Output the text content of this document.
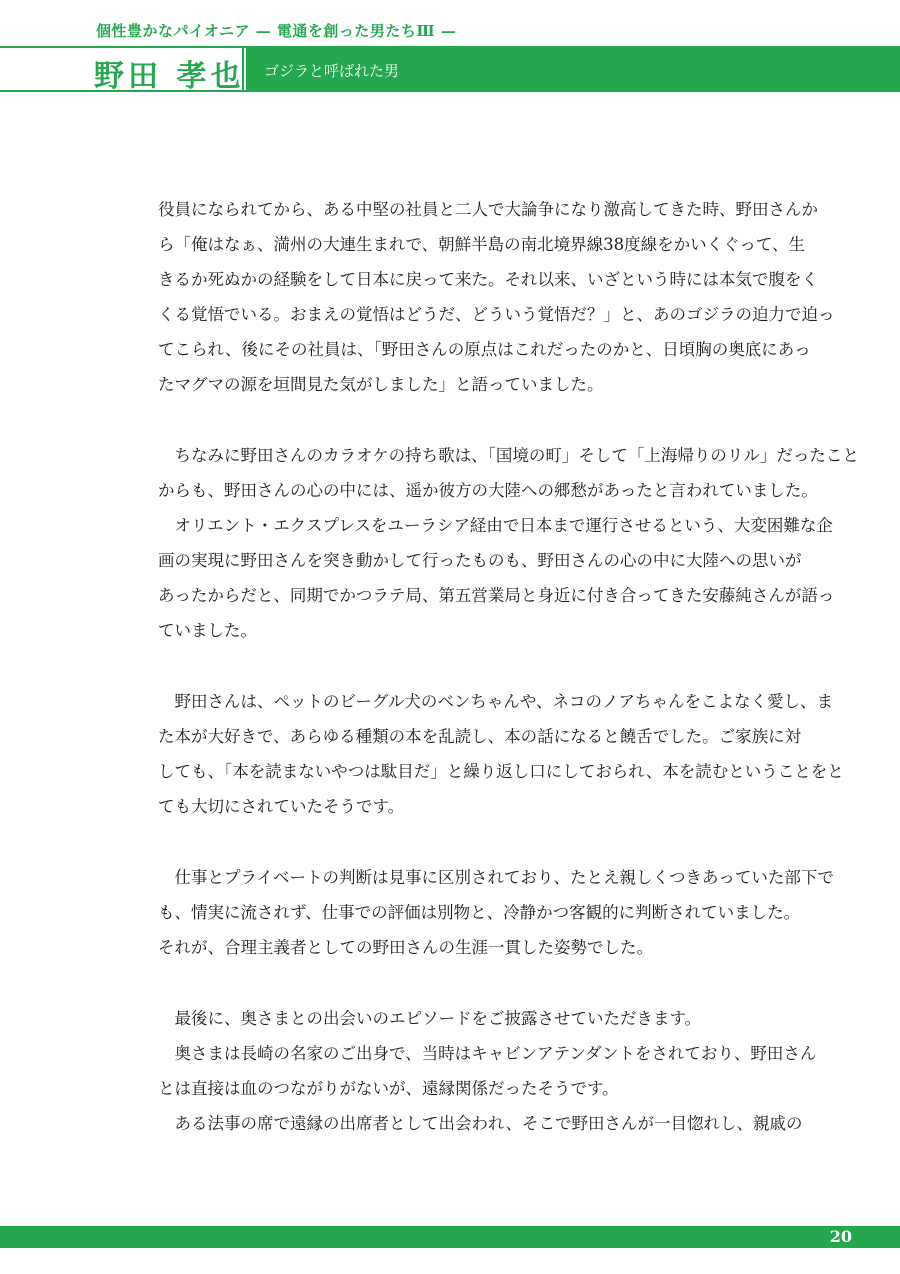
個性豊かなパイオニア — 電通を創った男たちⅢ —
野田 孝也 ゴジラと呼ばれた男

役員になられてから、ある中堅の社員と二人で大論争になり激高してきた時、野田さんか
ら「俺はなぁ、満州の大連生まれで、朝鮮半島の南北境界線38度線をかいくぐって、生
きるか死ぬかの経験をして日本に戻って来た。それ以来、いざという時には本気で腹をく
くる覚悟でいる。おまえの覚悟はどうだ、どういう覚悟だ？」と、あのゴジラの迫力で迫っ
てこられ、後にその社員は、「野田さんの原点はこれだったのかと、日頃胸の奥底にあっ
たマグマの源を垣間見た気がしました」と語っていました。

　ちなみに野田さんのカラオケの持ち歌は、「国境の町」そして「上海帰りのリル」だったこと
からも、野田さんの心の中には、遥か彼方の大陸への郷愁があったと言われていました。
　オリエント・エクスプレスをユーラシア経由で日本まで運行させるという、大変困難な企
画の実現に野田さんを突き動かして行ったものも、野田さんの心の中に大陸への思いが
あったからだと、同期でかつラテ局、第五営業局と身近に付き合ってきた安藤純さんが語っ
ていました。

　野田さんは、ペットのビーグル犬のベンちゃんや、ネコのノアちゃんをこよなく愛し、ま
た本が大好きで、あらゆる種類の本を乱読し、本の話になると饒舌でした。ご家族に対
しても、「本を読まないやつは駄目だ」と繰り返し口にしておられ、本を読むということをと
ても大切にされていたそうです。

　仕事とプライベートの判断は見事に区別されており、たとえ親しくつきあっていた部下で
も、情実に流されず、仕事での評価は別物と、冷静かつ客観的に判断されていました。
それが、合理主義者としての野田さんの生涯一貫した姿勢でした。

　最後に、奥さまとの出会いのエピソードをご披露させていただきます。
　奥さまは長崎の名家のご出身で、当時はキャビンアテンダントをされており、野田さん
とは直接は血のつながりがないが、遠縁関係だったそうです。
　ある法事の席で遠縁の出席者として出会われ、そこで野田さんが一目惚れし、親戚の

20
